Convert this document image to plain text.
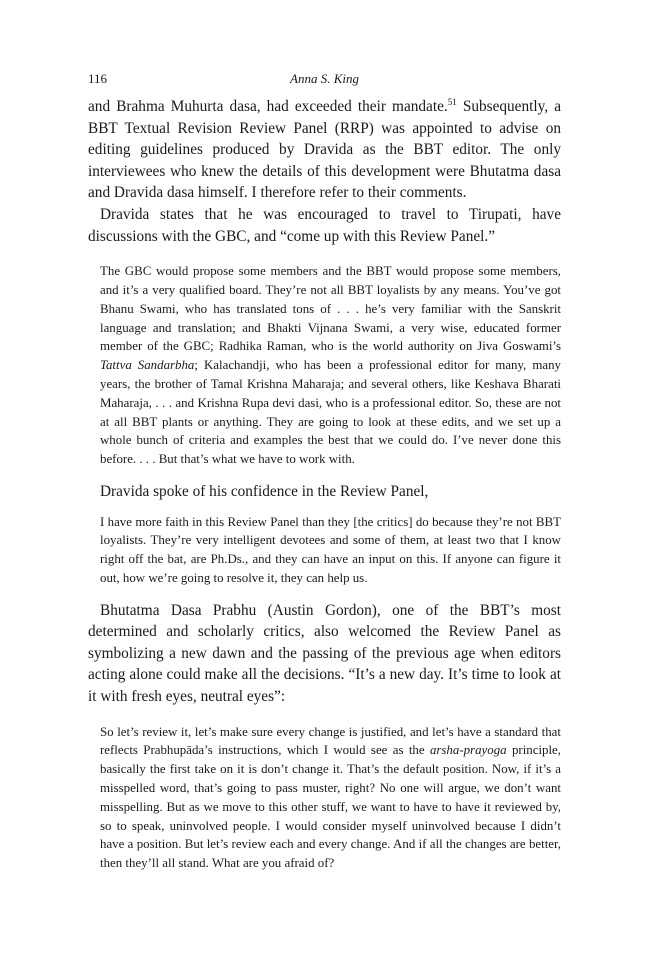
116	Anna S. King

and Brahma Muhurta dasa, had exceeded their mandate.$^{51}$ Subsequently, a BBT Textual Revision Review Panel (RRP) was appointed to advise on editing guidelines produced by Dravida as the BBT editor. The only interviewees who knew the details of this development were Bhutatma dasa and Dravida dasa himself. I therefore refer to their comments.

Dravida states that he was encouraged to travel to Tirupati, have discussions with the GBC, and “come up with this Review Panel.”

The GBC would propose some members and the BBT would propose some members, and it’s a very qualified board. They’re not all BBT loyalists by any means. You’ve got Bhanu Swami, who has translated tons of . . . he’s very familiar with the Sanskrit language and translation; and Bhakti Vijnana Swami, a very wise, educated former member of the GBC; Radhika Raman, who is the world authority on Jiva Goswami’s Tattva Sandarbha; Kalachandji, who has been a professional editor for many, many years, the brother of Tamal Krishna Maharaja; and several others, like Keshava Bharati Maharaja, . . . and Krishna Rupa devi dasi, who is a professional editor. So, these are not at all BBT plants or anything. They are going to look at these edits, and we set up a whole bunch of criteria and examples the best that we could do. I’ve never done this before. . . . But that’s what we have to work with.

Dravida spoke of his confidence in the Review Panel,

I have more faith in this Review Panel than they [the critics] do because they’re not BBT loyalists. They’re very intelligent devotees and some of them, at least two that I know right off the bat, are Ph.Ds., and they can have an input on this. If anyone can figure it out, how we’re going to resolve it, they can help us.

Bhutatma Dasa Prabhu (Austin Gordon), one of the BBT’s most determined and scholarly critics, also welcomed the Review Panel as symbolizing a new dawn and the passing of the previous age when editors acting alone could make all the decisions. “It’s a new day. It’s time to look at it with fresh eyes, neutral eyes”:

So let’s review it, let’s make sure every change is justified, and let’s have a standard that reflects Prabhupāda’s instructions, which I would see as the arsha-prayoga principle, basically the first take on it is don’t change it. That’s the default position. Now, if it’s a misspelled word, that’s going to pass muster, right? No one will argue, we don’t want misspelling. But as we move to this other stuff, we want to have to have it reviewed by, so to speak, uninvolved people. I would consider myself uninvolved because I didn’t have a position. But let’s review each and every change. And if all the changes are better, then they’ll all stand. What are you afraid of?
